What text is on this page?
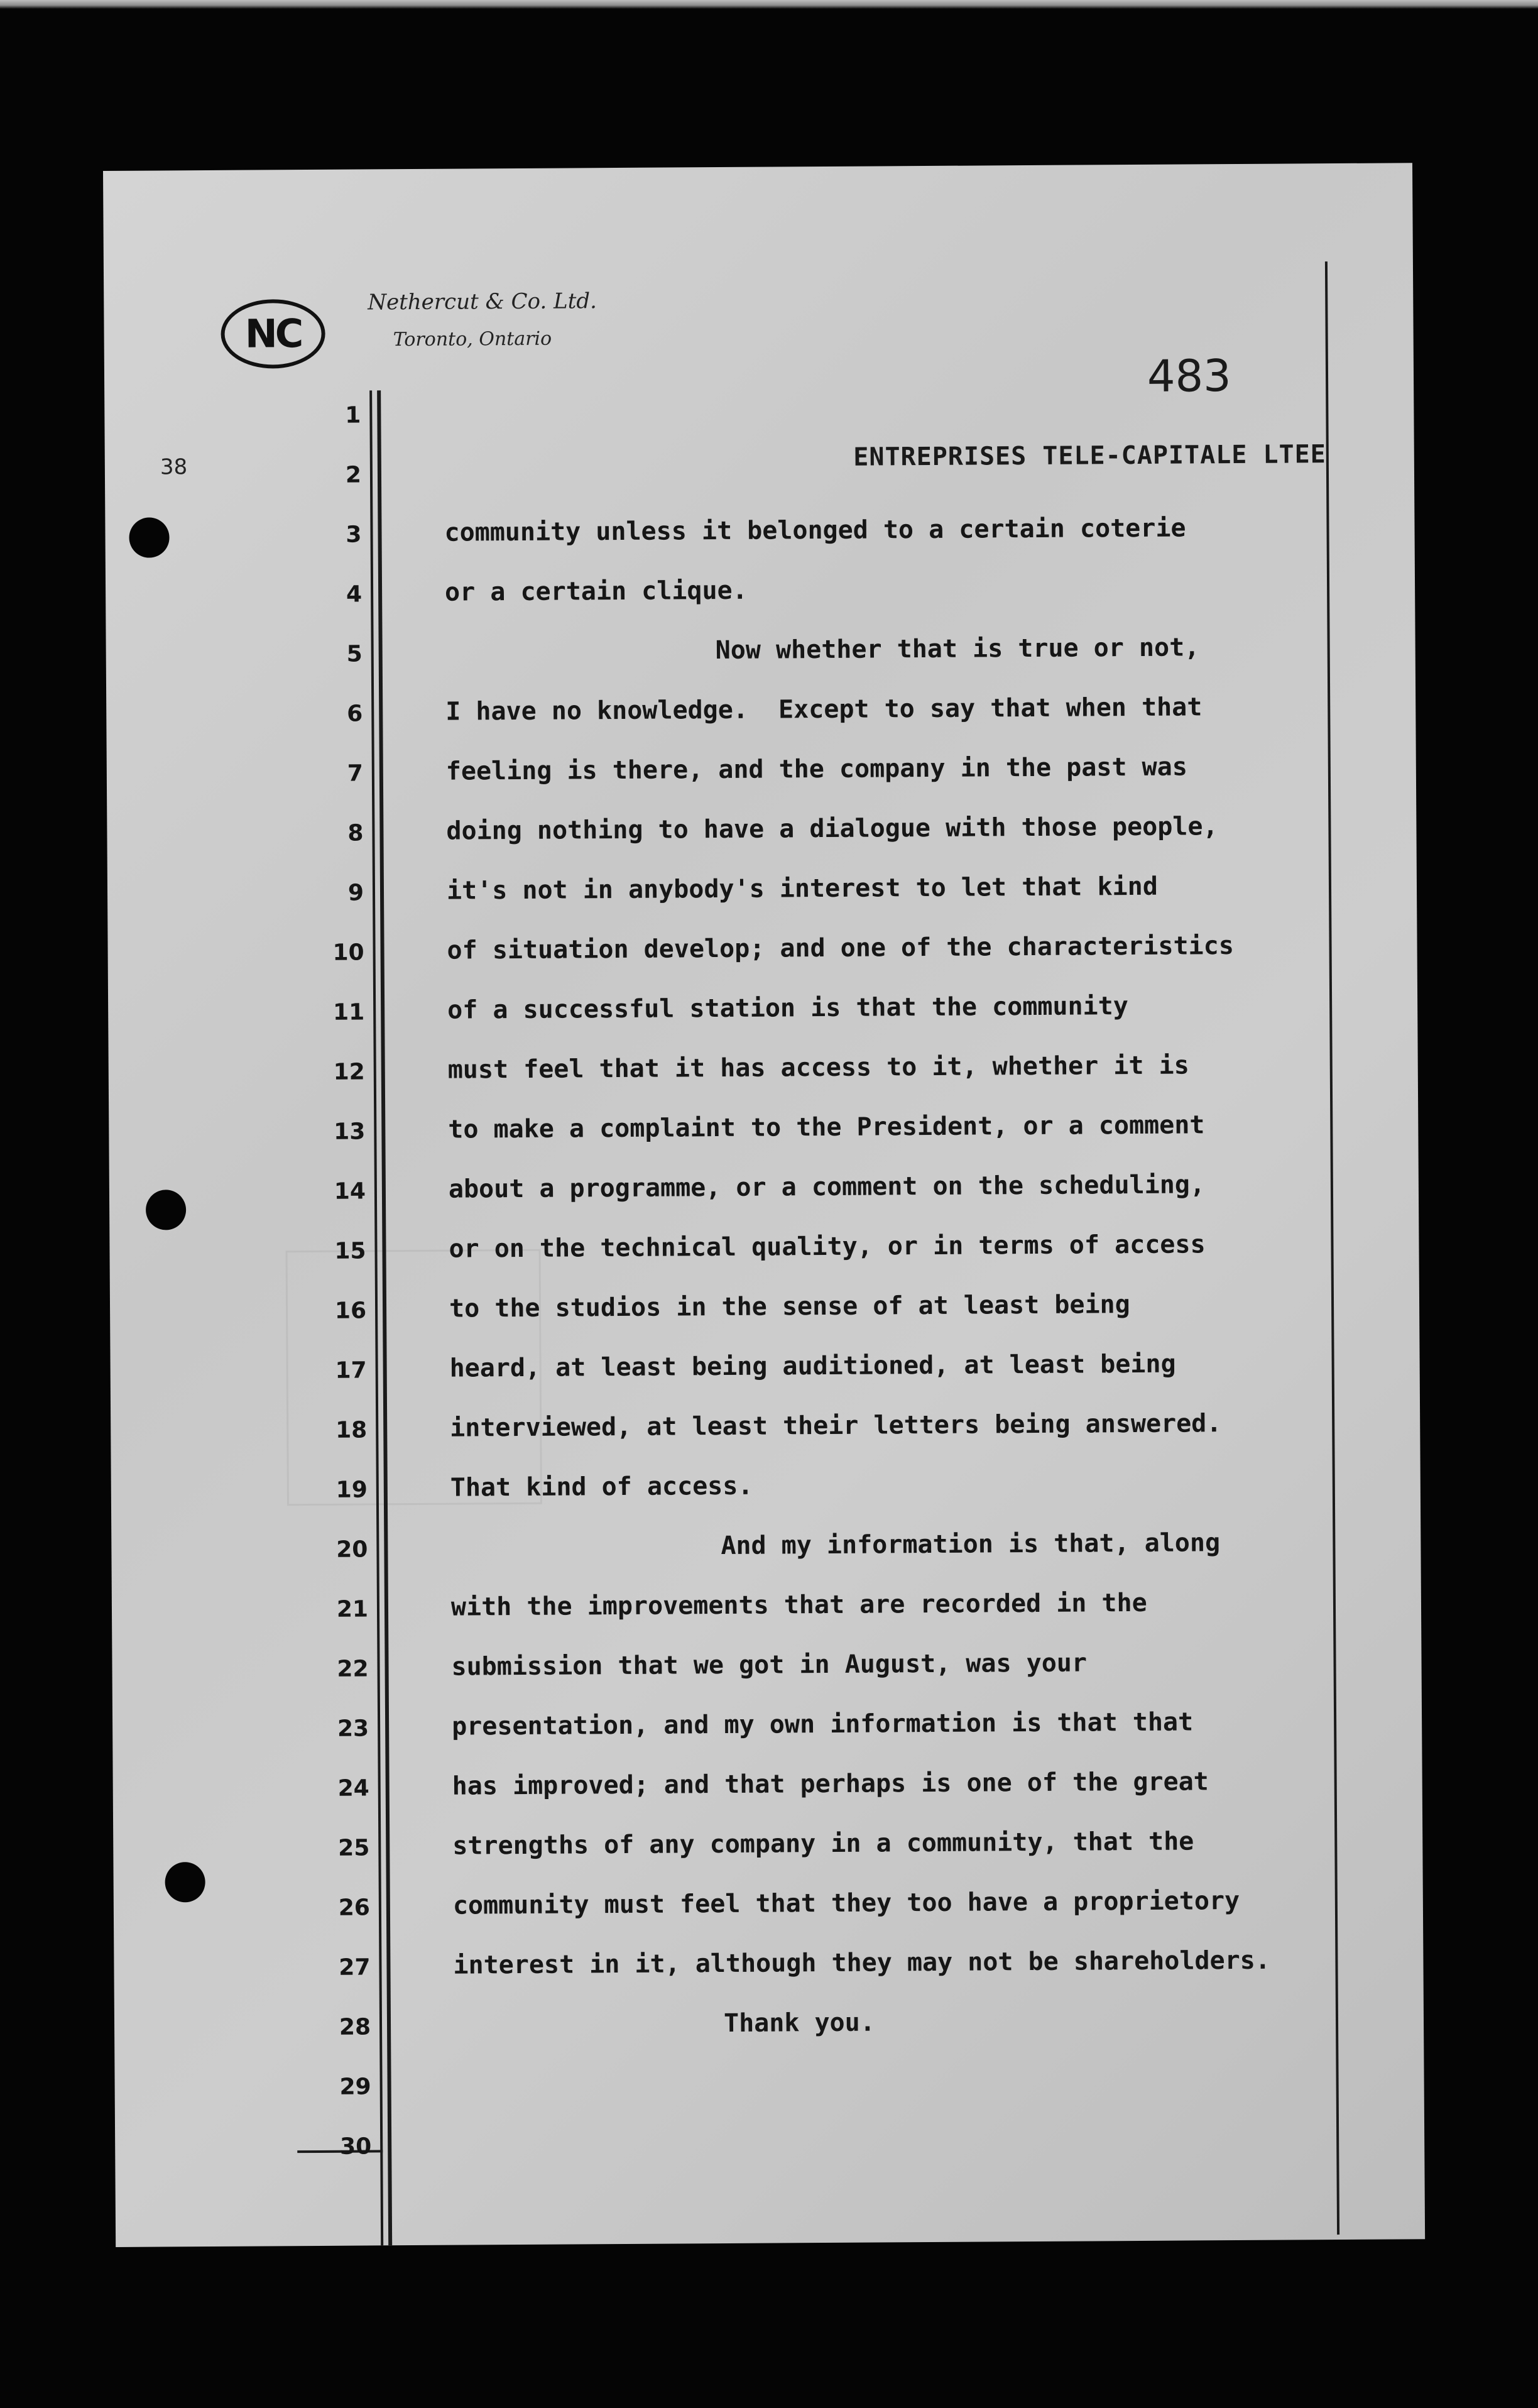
NC
Nethercut & Co. Ltd.
Toronto, Ontario
483
38
1
2
3
4
5
6
7
8
9
10
11
12
13
14
15
16
17
18
19
20
21
22
23
24
25
26
27
28
29
30
ENTREPRISES TELE-CAPITALE LTEE
community unless it belonged to a certain coterie
or a certain clique.
Now whether that is true or not,
I have no knowledge.  Except to say that when that
feeling is there, and the company in the past was
doing nothing to have a dialogue with those people,
it's not in anybody's interest to let that kind
of situation develop; and one of the characteristics
of a successful station is that the community
must feel that it has access to it, whether it is
to make a complaint to the President, or a comment
about a programme, or a comment on the scheduling,
or on the technical quality, or in terms of access
to the studios in the sense of at least being
heard, at least being auditioned, at least being
interviewed, at least their letters being answered.
That kind of access.
And my information is that, along
with the improvements that are recorded in the
submission that we got in August, was your
presentation, and my own information is that that
has improved; and that perhaps is one of the great
strengths of any company in a community, that the
community must feel that they too have a proprietory
interest in it, although they may not be shareholders.
Thank you.
